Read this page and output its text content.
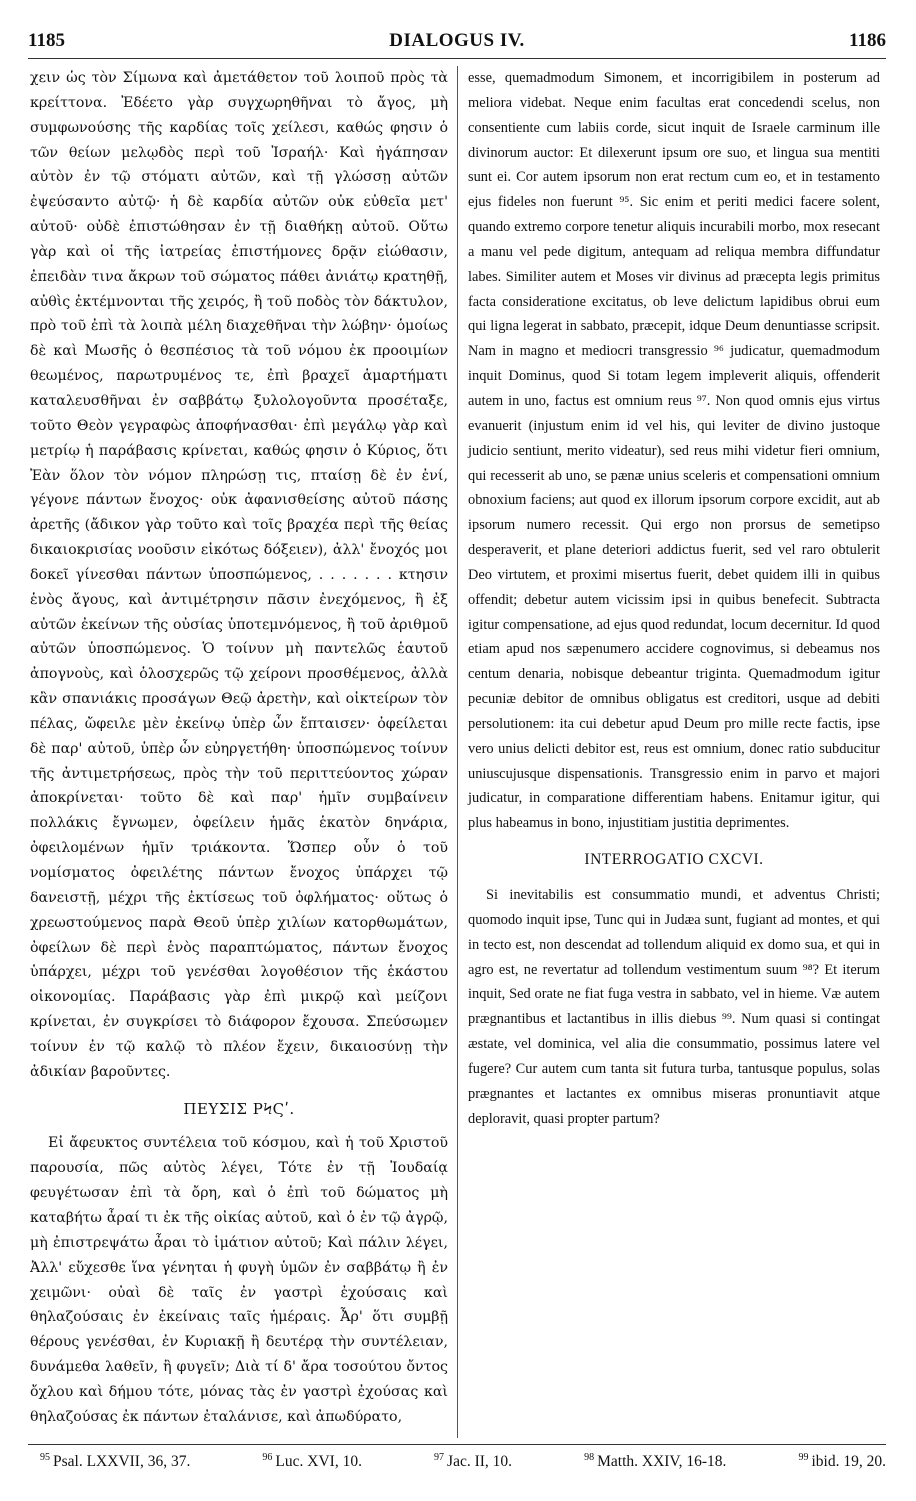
1185	DIALOGUS IV.	1186

χειν ὡς τὸν Σίμωνα καὶ ἀμετάθετον τοῦ λοιποῦ πρὸς τὰ κρείττονα. Ἐδέετο γὰρ συγχωρηθῆναι τὸ ἄγος, μὴ συμφωνούσης τῆς καρδίας τοῖς χείλεσι, καθώς φησιν ὁ τῶν θείων μελῳδὸς περὶ τοῦ Ἰσραήλ· Καὶ ἠγάπησαν αὐτὸν ἐν τῷ στόματι αὐτῶν, καὶ τῇ γλώσσῃ αὐτῶν ἐψεύσαντο αὐτῷ· ἡ δὲ καρδία αὐτῶν οὐκ εὐθεῖα μετ' αὐτοῦ· οὐδὲ ἐπιστώθησαν ἐν τῇ διαθήκῃ αὐτοῦ. Οὕτω γὰρ καὶ οἱ τῆς ἰατρείας ἐπιστήμονες δρᾷν εἰώθασιν, ἐπειδὰν τινα ἄκρων τοῦ σώματος πάθει ἀνιάτῳ κρατηθῇ, αὐθὶς ἐκτέμνονται τῆς χειρός, ἢ τοῦ ποδὸς τὸν δάκτυλον, πρὸ τοῦ ἐπὶ τὰ λοιπὰ μέλη διαχεθῆναι τὴν λώβην· ὁμοίως δὲ καὶ Μωσῆς ὁ θεσπέσιος τὰ τοῦ νόμου ἐκ προοιμίων θεωμένος, παρωτρυμένος τε, ἐπὶ βραχεῖ ἁμαρτήματι καταλευσθῆναι ἐν σαββάτῳ ξυλολογοῦντα προσέταξε, τοῦτο Θεὸν γεγραφὼς ἀποφήνασθαι· ἐπὶ μεγάλῳ γὰρ καὶ μετρίῳ ἡ παράβασις κρίνεται, καθώς φησιν ὁ Κύριος, ὅτι Ἐὰν ὅλον τὸν νόμον πληρώσῃ τις, πταίσῃ δὲ ἐν ἑνί, γέγονε πάντων ἔνοχος· οὐκ ἀφανισθείσης αὐτοῦ πάσης ἀρετῆς (ἄδικον γὰρ τοῦτο καὶ τοῖς βραχέα περὶ τῆς θείας δικαιοκρισίας νοοῦσιν εἰκότως δόξειεν), ἀλλ' ἔνοχός μοι δοκεῖ γίνεσθαι πάντων ὑποσπώμενος, . . . . . . . κτησιν ἑνὸς ἄγους, καὶ ἀντιμέτρησιν πᾶσιν ἐνεχόμενος, ἢ ἐξ αὐτῶν ἐκείνων τῆς οὐσίας ὑποτεμνόμενος, ἢ τοῦ ἀριθμοῦ αὐτῶν ὑποσπώμενος. Ὁ τοίνυν μὴ παντελῶς ἑαυτοῦ ἀπογνοὺς, καὶ ὁλοσχερῶς τῷ χείρονι προσθέμενος, ἀλλὰ κἂν σπανιάκις προσάγων Θεῷ ἀρετὴν, καὶ οἰκτείρων τὸν πέλας, ὤφειλε μὲν ἐκείνῳ ὑπὲρ ὧν ἔπταισεν· ὀφείλεται δὲ παρ' αὐτοῦ, ὑπὲρ ὧν εὐηργετήθη· ὑποσπώμενος τοίνυν τῆς ἀντιμετρήσεως, πρὸς τὴν τοῦ περιττεύοντος χώραν ἀποκρίνεται· τοῦτο δὲ καὶ παρ' ἡμῖν συμβαίνειν πολλάκις ἔγνωμεν, ὀφείλειν ἡμᾶς ἑκατὸν δηνάρια, ὀφειλομένων ἡμῖν τριάκοντα. Ὥσπερ οὖν ὁ τοῦ νομίσματος ὀφειλέτης πάντων ἔνοχος ὑπάρχει τῷ δανειστῇ, μέχρι τῆς ἐκτίσεως τοῦ ὀφλήματος· οὕτως ὁ χρεωστούμενος παρὰ Θεοῦ ὑπὲρ χιλίων κατορθωμάτων, ὀφείλων δὲ περὶ ἑνὸς παραπτώματος, πάντων ἔνοχος ὑπάρχει, μέχρι τοῦ γενέσθαι λογοθέσιον τῆς ἑκάστου οἰκονομίας. Παράβασις γὰρ ἐπὶ μικρῷ καὶ μείζονι κρίνεται, ἐν συγκρίσει τὸ διάφορον ἔχουσα. Σπεύσωμεν τοίνυν ἐν τῷ καλῷ τὸ πλέον ἔχειν, δικαιοσύνῃ τὴν ἀδικίαν βαροῦντες.

ΠΕΥΣΙΣ ΡϞϚʹ.

Εἰ ἄφευκτος συντέλεια τοῦ κόσμου, καὶ ἡ τοῦ Χριστοῦ παρουσία, πῶς αὐτὸς λέγει, Τότε ἐν τῇ Ἰουδαίᾳ φευγέτωσαν ἐπὶ τὰ ὄρη, καὶ ὁ ἐπὶ τοῦ δώματος μὴ καταβήτω ἆραί τι ἐκ τῆς οἰκίας αὐτοῦ, καὶ ὁ ἐν τῷ ἀγρῷ, μὴ ἐπιστρεψάτω ἆραι τὸ ἱμάτιον αὐτοῦ; Καὶ πάλιν λέγει, Ἀλλ' εὔχεσθε ἵνα γένηται ἡ φυγὴ ὑμῶν ἐν σαββάτῳ ἢ ἐν χειμῶνι· οὐαὶ δὲ ταῖς ἐν γαστρὶ ἐχούσαις καὶ θηλαζούσαις ἐν ἐκείναις ταῖς ἡμέραις. Ἆρ' ὅτι συμβῇ θέρους γενέσθαι, ἐν Κυριακῇ ἢ δευτέρᾳ τὴν συντέλειαν, δυνάμεθα λαθεῖν, ἢ φυγεῖν; Διὰ τί δ' ἄρα τοσούτου ὄντος ὄχλου καὶ δήμου τότε, μόνας τὰς ἐν γαστρὶ ἐχούσας καὶ θηλαζούσας ἐκ πάντων ἐταλάνισε, καὶ ἀπωδύρατο,

esse, quemadmodum Simonem, et incorrigibilem in posterum ad meliora videbat. Neque enim facultas erat concedendi scelus, non consentiente cum labiis corde, sicut inquit de Israele carminum ille divinorum auctor: Et dilexerunt ipsum ore suo, et lingua sua mentiti sunt ei. Cor autem ipsorum non erat rectum cum eo, et in testamento ejus fideles non fuerunt ⁹⁵. Sic enim et periti medici facere solent, quando extremo corpore tenetur aliquis incurabili morbo, mox resecant a manu vel pede digitum, antequam ad reliqua membra diffundatur labes. Similiter autem et Moses vir divinus ad præcepta legis primitus facta consideratione excitatus, ob leve delictum lapidibus obrui eum qui ligna legerat in sabbato, præcepit, idque Deum denuntiasse scripsit. Nam in magno et mediocri transgressio ⁹⁶ judicatur, quemadmodum inquit Dominus, quod Si totam legem impleverit aliquis, offenderit autem in uno, factus est omnium reus ⁹⁷. Non quod omnis ejus virtus evanuerit (injustum enim id vel his, qui leviter de divino justoque judicio sentiunt, merito videatur), sed reus mihi videtur fieri omnium, qui recesserit ab uno, se pænæ unius sceleris et compensationi omnium obnoxium faciens; aut quod ex illorum ipsorum corpore excidit, aut ab ipsorum numero recessit. Qui ergo non prorsus de semetipso desperaverit, et plane deteriori addictus fuerit, sed vel raro obtulerit Deo virtutem, et proximi misertus fuerit, debet quidem illi in quibus offendit; debetur autem vicissim ipsi in quibus benefecit. Subtracta igitur compensatione, ad ejus quod redundat, locum decernitur. Id quod etiam apud nos sæpenumero accidere cognovimus, si debeamus nos centum denaria, nobisque debeantur triginta. Quemadmodum igitur pecuniæ debitor de omnibus obligatus est creditori, usque ad debiti persolutionem: ita cui debetur apud Deum pro mille recte factis, ipse vero unius delicti debitor est, reus est omnium, donec ratio subducitur uniuscujusque dispensationis. Transgressio enim in parvo et majori judicatur, in comparatione differentiam habens. Enitamur igitur, qui plus habeamus in bono, injustitiam justitia deprimentes.

INTERROGATIO CXCVI.

Si inevitabilis est consummatio mundi, et adventus Christi; quomodo inquit ipse, Tunc qui in Judæa sunt, fugiant ad montes, et qui in tecto est, non descendat ad tollendum aliquid ex domo sua, et qui in agro est, ne revertatur ad tollendum vestimentum suum ⁹⁸? Et iterum inquit, Sed orate ne fiat fuga vestra in sabbato, vel in hieme. Væ autem prægnantibus et lactantibus in illis diebus ⁹⁹. Num quasi si contingat æstate, vel dominica, vel alia die consummatio, possimus latere vel fugere? Cur autem cum tanta sit futura turba, tantusque populus, solas prægnantes et lactantes ex omnibus miseras pronuntiavit atque deploravit, quasi propter partum?

$^{95}$ Psal. LXXVII, 36, 37.	$^{96}$ Luc. XVI, 10.	$^{97}$ Jac. II, 10.	$^{98}$ Matth. XXIV, 16-18.	$^{99}$ ibid. 19, 20.
